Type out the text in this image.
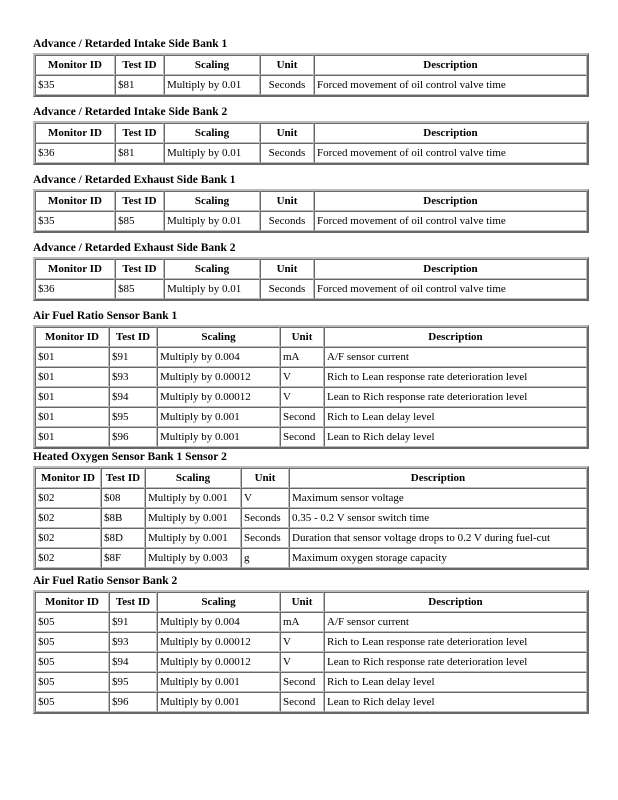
Advance / Retarded Intake Side Bank 1
Monitor ID	Test ID	Scaling	Unit	Description
$35	$81	Multiply by 0.01	Seconds	Forced movement of oil control valve time
Advance / Retarded Intake Side Bank 2
Monitor ID	Test ID	Scaling	Unit	Description
$36	$81	Multiply by 0.01	Seconds	Forced movement of oil control valve time
Advance / Retarded Exhaust Side Bank 1
Monitor ID	Test ID	Scaling	Unit	Description
$35	$85	Multiply by 0.01	Seconds	Forced movement of oil control valve time
Advance / Retarded Exhaust Side Bank 2
Monitor ID	Test ID	Scaling	Unit	Description
$36	$85	Multiply by 0.01	Seconds	Forced movement of oil control valve time
Air Fuel Ratio Sensor Bank 1
Monitor ID	Test ID	Scaling	Unit	Description
$01	$91	Multiply by 0.004	mA	A/F sensor current
$01	$93	Multiply by 0.00012	V	Rich to Lean response rate deterioration level
$01	$94	Multiply by 0.00012	V	Lean to Rich response rate deterioration level
$01	$95	Multiply by 0.001	Second	Rich to Lean delay level
$01	$96	Multiply by 0.001	Second	Lean to Rich delay level
Heated Oxygen Sensor Bank 1 Sensor 2
Monitor ID	Test ID	Scaling	Unit	Description
$02	$08	Multiply by 0.001	V	Maximum sensor voltage
$02	$8B	Multiply by 0.001	Seconds	0.35 - 0.2 V sensor switch time
$02	$8D	Multiply by 0.001	Seconds	Duration that sensor voltage drops to 0.2 V during fuel-cut
$02	$8F	Multiply by 0.003	g	Maximum oxygen storage capacity
Air Fuel Ratio Sensor Bank 2
Monitor ID	Test ID	Scaling	Unit	Description
$05	$91	Multiply by 0.004	mA	A/F sensor current
$05	$93	Multiply by 0.00012	V	Rich to Lean response rate deterioration level
$05	$94	Multiply by 0.00012	V	Lean to Rich response rate deterioration level
$05	$95	Multiply by 0.001	Second	Rich to Lean delay level
$05	$96	Multiply by 0.001	Second	Lean to Rich delay level
